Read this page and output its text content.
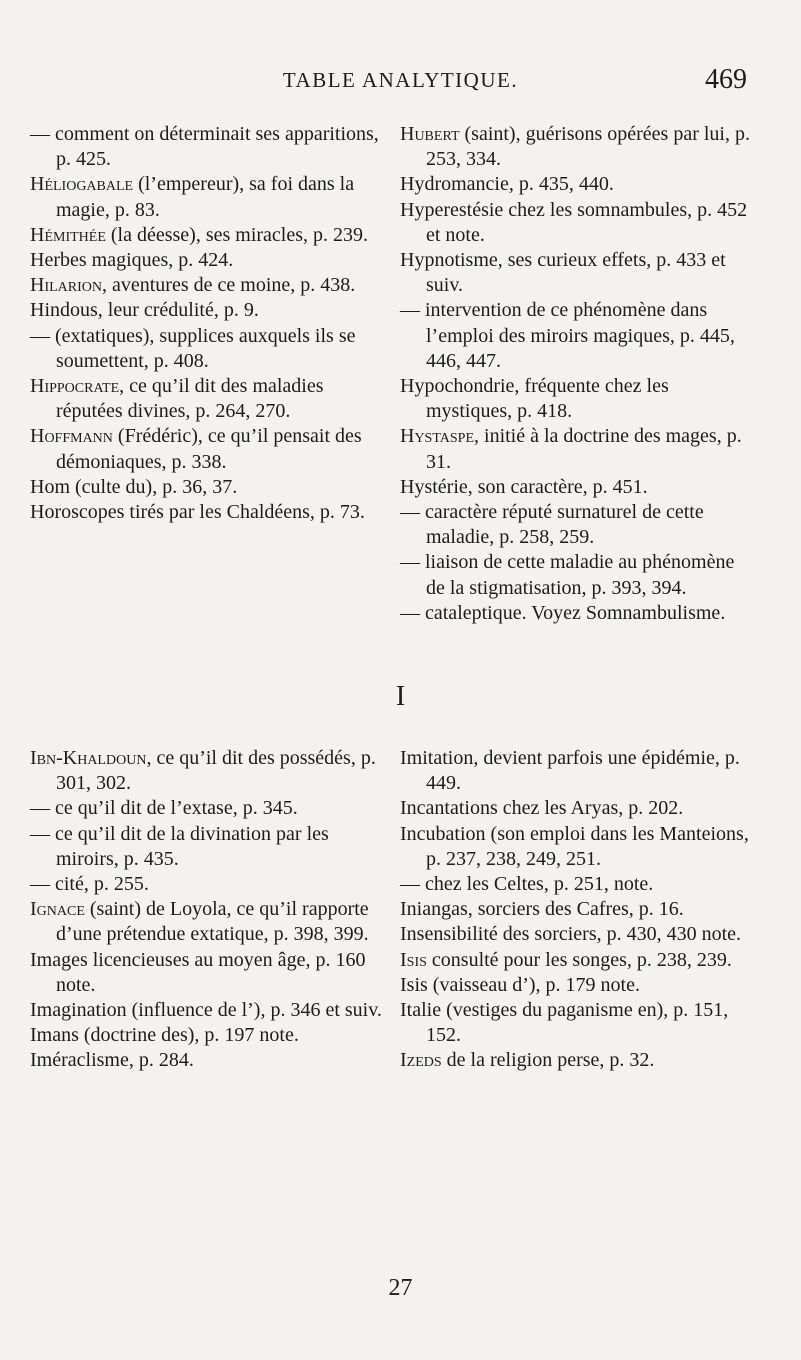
TABLE ANALYTIQUE.	469
— comment on déterminait ses apparitions, p. 425.
Héliogabale (l’empereur), sa foi dans la magie, p. 83.
Hémithée (la déesse), ses miracles, p. 239.
Herbes magiques, p. 424.
Hilarion, aventures de ce moine, p. 438.
Hindous, leur crédulité, p. 9.
— (extatiques), supplices auxquels ils se soumettent, p. 408.
Hippocrate, ce qu’il dit des maladies réputées divines, p. 264, 270.
Hoffmann (Frédéric), ce qu’il pensait des démoniaques, p. 338.
Hom (culte du), p. 36, 37.
Horoscopes tirés par les Chaldéens, p. 73.
Hubert (saint), guérisons opérées par lui, p. 253, 334.
Hydromancie, p. 435, 440.
Hyperestésie chez les somnambules, p. 452 et note.
Hypnotisme, ses curieux effets, p. 433 et suiv.
— intervention de ce phénomène dans l’emploi des miroirs magiques, p. 445, 446, 447.
Hypochondrie, fréquente chez les mystiques, p. 418.
Hystaspe, initié à la doctrine des mages, p. 31.
Hystérie, son caractère, p. 451.
— caractère réputé surnaturel de cette maladie, p. 258, 259.
— liaison de cette maladie au phénomène de la stigmatisation, p. 393, 394.
— cataleptique. Voyez Somnambulisme.
I
Ibn-Khaldoun, ce qu’il dit des possédés, p. 301, 302.
— ce qu’il dit de l’extase, p. 345.
— ce qu’il dit de la divination par les miroirs, p. 435.
— cité, p. 255.
Ignace (saint) de Loyola, ce qu’il rapporte d’une prétendue extatique, p. 398, 399.
Images licencieuses au moyen âge, p. 160 note.
Imagination (influence de l’), p. 346 et suiv.
Imans (doctrine des), p. 197 note.
Iméraclisme, p. 284.
Imitation, devient parfois une épidémie, p. 449.
Incantations chez les Aryas, p. 202.
Incubation (son emploi dans les Manteions, p. 237, 238, 249, 251.
— chez les Celtes, p. 251, note.
Iniangas, sorciers des Cafres, p. 16.
Insensibilité des sorciers, p. 430, 430 note.
Isis consulté pour les songes, p. 238, 239.
Isis (vaisseau d’), p. 179 note.
Italie (vestiges du paganisme en), p. 151, 152.
Izeds de la religion perse, p. 32.
27
